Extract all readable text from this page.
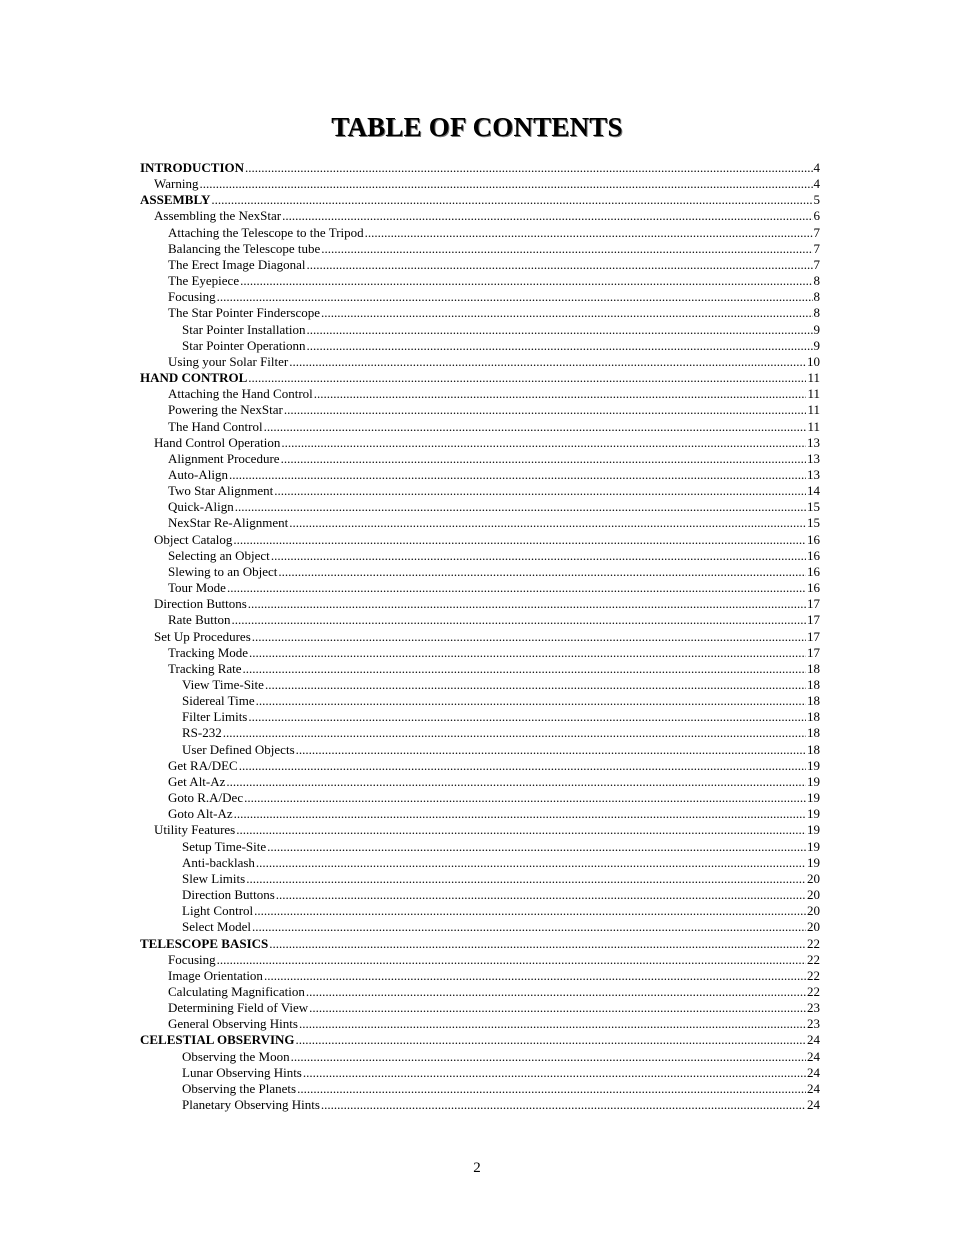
TABLE OF CONTENTS
INTRODUCTION .....	4
Warning .....	4
ASSEMBLY .....	5
Assembling the NexStar .....	6
Attaching the Telescope to the Tripod .....	7
Balancing the Telescope tube .....	7
The Erect Image Diagonal .....	7
The Eyepiece .....	8
Focusing .....	8
The Star Pointer Finderscope .....	8
Star Pointer Installation .....	9
Star Pointer Operationn .....	9
Using your Solar Filter .....	10
HAND CONTROL .....	11
Attaching the Hand Control .....	11
Powering the NexStar .....	11
The Hand Control .....	11
Hand Control Operation .....	13
Alignment Procedure .....	13
Auto-Align .....	13
Two Star Alignment .....	14
Quick-Align .....	15
NexStar Re-Alignment .....	15
Object Catalog .....	16
Selecting an Object .....	16
Slewing to an Object .....	16
Tour Mode .....	16
Direction Buttons .....	17
Rate Button .....	17
Set Up Procedures .....	17
Tracking Mode .....	17
Tracking Rate .....	18
View Time-Site .....	18
Sidereal Time .....	18
Filter Limits .....	18
RS-232 .....	18
User Defined Objects .....	18
Get RA/DEC .....	19
Get Alt-Az .....	19
Goto R.A/Dec .....	19
Goto Alt-Az .....	19
Utility Features .....	19
Setup Time-Site .....	19
Anti-backlash .....	19
Slew Limits .....	20
Direction Buttons .....	20
Light Control .....	20
Select Model .....	20
TELESCOPE BASICS .....	22
Focusing .....	22
Image Orientation .....	22
Calculating Magnification .....	22
Determining Field of View .....	23
General Observing Hints .....	23
CELESTIAL OBSERVING .....	24
Observing the Moon .....	24
Lunar Observing Hints .....	24
Observing the Planets .....	24
Planetary Observing Hints .....	24
2
